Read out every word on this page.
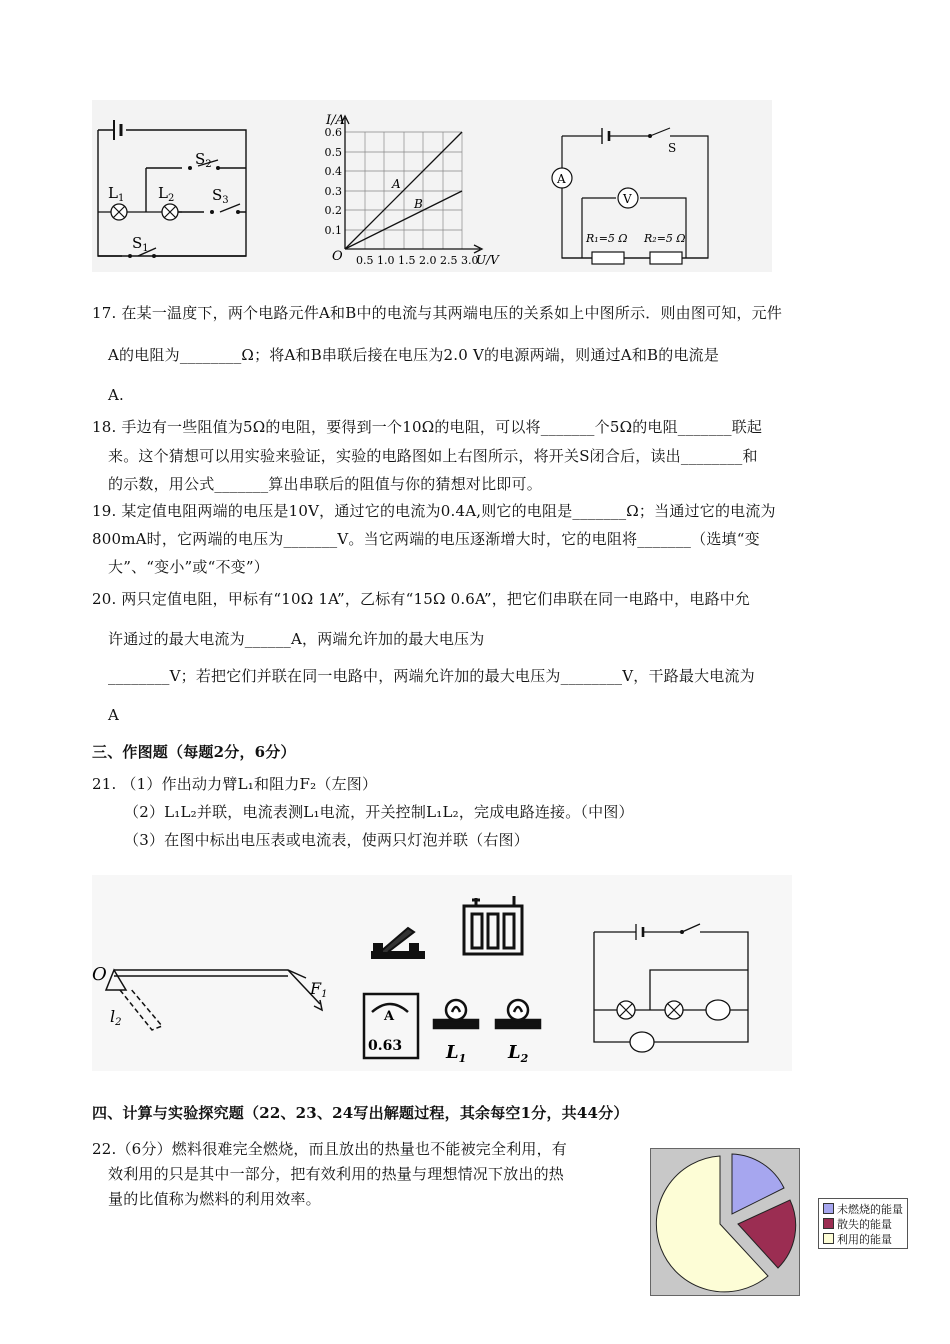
$S_2$
$S_3$
$S_1$
$L_1$ $L_2$
I/A
0.6
0.5
0.4
0.3
0.2
0.1
O 0.5 1.0 1.5 2.0 2.5 3.0
U/V
A
B
A
V
S
R₁=5 Ω R₂=5 Ω
17. 在某一温度下，两个电路元件A和B中的电流与其两端电压的关系如上中图所示．则由图可知，元件
A的电阻为________Ω；将A和B串联后接在电压为2.0 V的电源两端，则通过A和B的电流是
A.
18. 手边有一些阻值为5Ω的电阻，要得到一个10Ω的电阻，可以将_______个5Ω的电阻_______联起
来。这个猜想可以用实验来验证，实验的电路图如上右图所示，将开关S闭合后，读出________和
的示数，用公式_______算出串联后的阻值与你的猜想对比即可。
19. 某定值电阻两端的电压是10V，通过它的电流为0.4A,则它的电阻是_______Ω；当通过它的电流为
800mA时，它两端的电压为_______V。当它两端的电压逐渐增大时，它的电阻将_______（选填“变
大”、“变小”或“不变”）
20. 两只定值电阻，甲标有“10Ω 1A”，乙标有“15Ω 0.6A”，把它们串联在同一电路中，电路中允
许通过的最大电流为______A，两端允许加的最大电压为
________V；若把它们并联在同一电路中，两端允许加的最大电压为________V，干路最大电流为
A
三、作图题（每题2分，6分）
21. （1）作出动力臂L₁和阻力F₂（左图）
（2）L₁L₂并联，电流表测L₁电流，开关控制L₁L₂，完成电路连接。（中图）
（3）在图中标出电压表或电流表，使两只灯泡并联（右图）
O
F1
l2	A
0.63 $L_1$ $L_2$
四、计算与实验探究题（22、23、24写出解题过程，其余每空1分，共44分）
22.（6分）燃料很难完全燃烧，而且放出的热量也不能被完全利用，有
效利用的只是其中一部分，把有效利用的热量与理想情况下放出的热
量的比值称为燃料的利用效率。
未燃烧的能量
散失的能量
利用的能量
